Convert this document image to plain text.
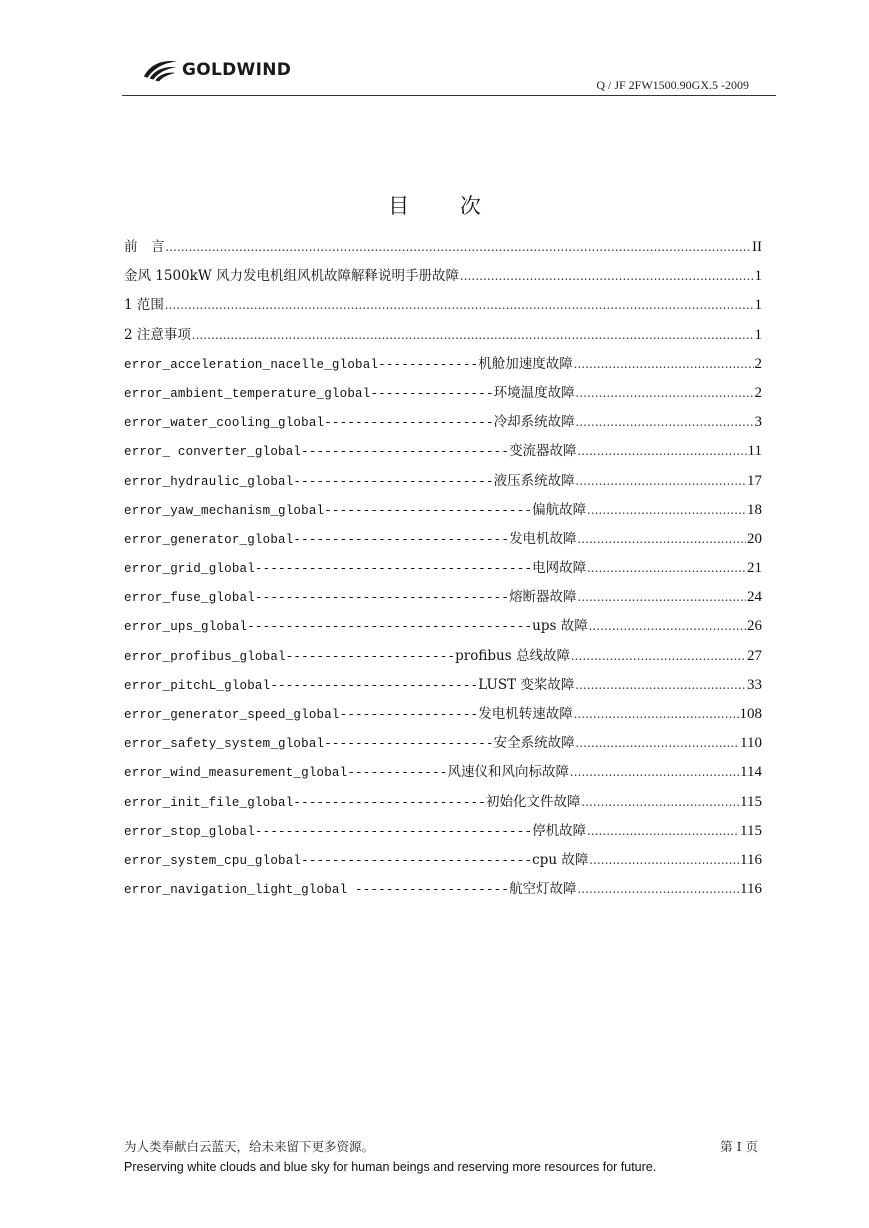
GOLDWIND
Q / JF 2FW1500.90GX.5 -2009
目 次
前　言 .....	II
金风 1500kW 风力发电机组风机故障解释说明手册故障 .....	1
1 范围 .....	1
2 注意事项 .....	1
error_acceleration_nacelle_global------------- 机舱加速度故障 .....	2
error_ambient_temperature_global---------------- 环境温度故障 .....	2
error_water_cooling_global---------------------- 冷却系统故障 .....	3
error_ converter_global--------------------------- 变流器故障 .....	11
error_hydraulic_global-------------------------- 液压系统故障 .....	17
error_yaw_mechanism_global--------------------------- 偏航故障 .....	18
error_generator_global---------------------------- 发电机故障 .....	20
error_grid_global------------------------------------ 电网故障 .....	21
error_fuse_global--------------------------------- 熔断器故障 .....	24
error_ups_global------------------------------------- ups 故障 .....	26
error_profibus_global---------------------- profibus 总线故障 .....	27
error_pitchL_global--------------------------- LUST 变桨故障 .....	33
error_generator_speed_global------------------ 发电机转速故障 .....	108
error_safety_system_global---------------------- 安全系统故障 .....	110
error_wind_measurement_global------------- 风速仪和风向标故障 .....	114
error_init_file_global------------------------- 初始化文件故障 .....	115
error_stop_global------------------------------------ 停机故障 .....	115
error_system_cpu_global------------------------------ cpu 故障 .....	116
error_navigation_light_global -------------------- 航空灯故障 .....	116
为人类奉献白云蓝天，给未来留下更多资源。	第 I 页
Preserving white clouds and blue sky for human beings and reserving more resources for future.
